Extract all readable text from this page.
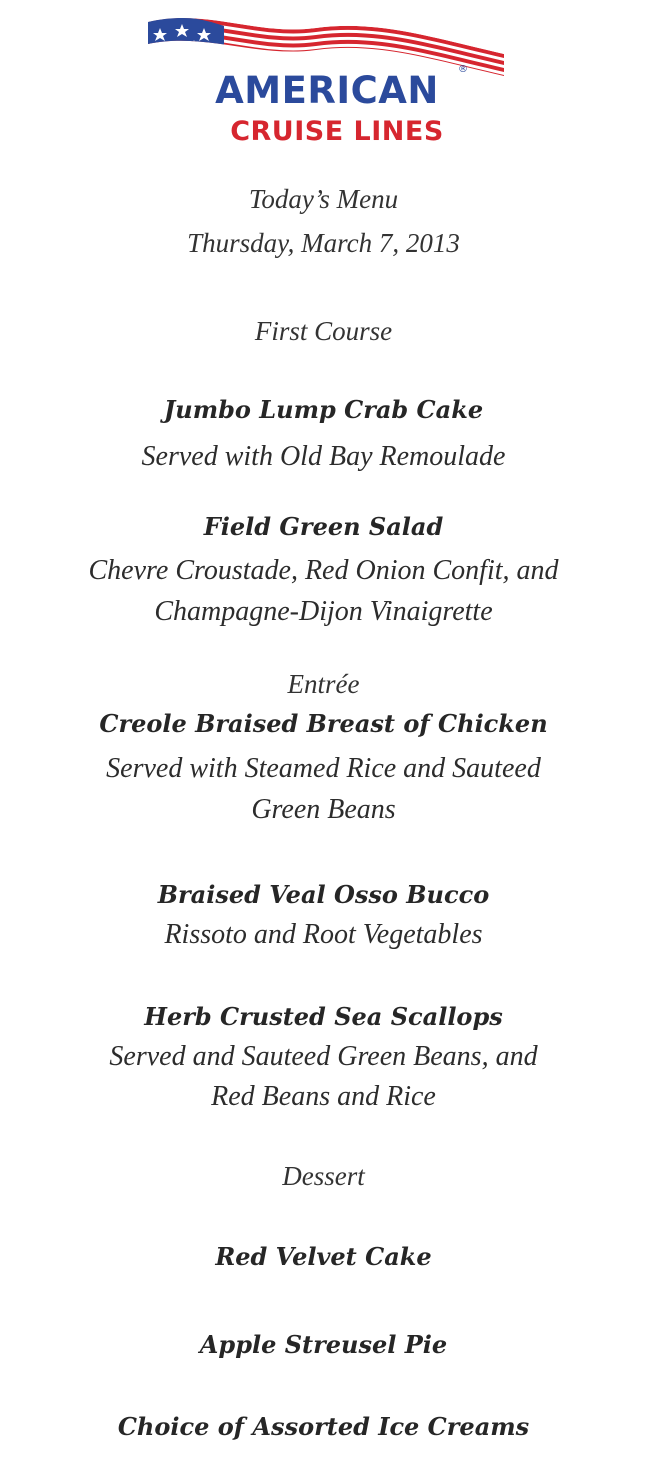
AMERICAN	®
CRUISE LINES
Today’s Menu
Thursday, March 7, 2013
First Course
Jumbo Lump Crab Cake
Served with Old Bay Remoulade
Field Green Salad
Chevre Croustade, Red Onion Confit, and
Champagne-Dijon Vinaigrette
Entrée
Creole Braised Breast of Chicken
Served with Steamed Rice and Sauteed
Green Beans
Braised Veal Osso Bucco
Rissoto and Root Vegetables
Herb Crusted Sea Scallops
Served and Sauteed Green Beans, and
Red Beans and Rice
Dessert
Red Velvet Cake
Apple Streusel Pie
Choice of Assorted Ice Creams
